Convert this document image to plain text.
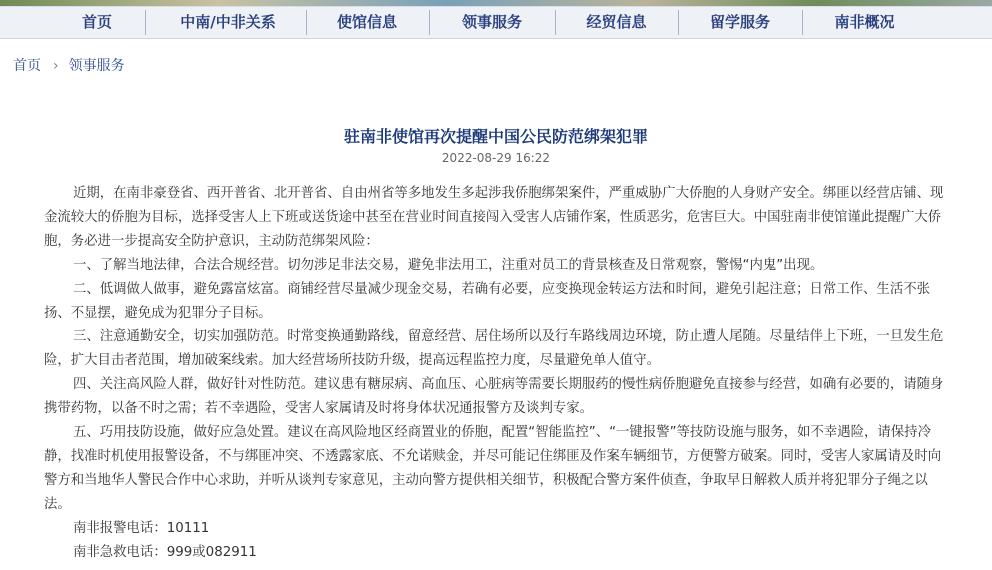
首页	中南/中非关系	使馆信息	领事服务	经贸信息	留学服务	南非概况
首页 › 领事服务
驻南非使馆再次提醒中国公民防范绑架犯罪
2022-08-29 16:22

近期，在南非豪登省、西开普省、北开普省、自由州省等多地发生多起涉我侨胞绑架案件，严重威胁广大侨胞的人身财产安全。绑匪以经营店铺、现金流较大的侨胞为目标，选择受害人上下班或送货途中甚至在营业时间直接闯入受害人店铺作案，性质恶劣，危害巨大。中国驻南非使馆谨此提醒广大侨胞，务必进一步提高安全防护意识，主动防范绑架风险：

一、了解当地法律，合法合规经营。切勿涉足非法交易，避免非法用工，注重对员工的背景核查及日常观察，警惕“内鬼”出现。

二、低调做人做事，避免露富炫富。商铺经营尽量减少现金交易，若确有必要，应变换现金转运方法和时间，避免引起注意；日常工作、生活不张扬、不显摆，避免成为犯罪分子目标。

三、注意通勤安全，切实加强防范。时常变换通勤路线，留意经营、居住场所以及行车路线周边环境，防止遭人尾随。尽量结伴上下班，一旦发生危险，扩大目击者范围，增加破案线索。加大经营场所技防升级，提高远程监控力度，尽量避免单人值守。

四、关注高风险人群，做好针对性防范。建议患有糖尿病、高血压、心脏病等需要长期服药的慢性病侨胞避免直接参与经营，如确有必要的，请随身携带药物，以备不时之需；若不幸遇险，受害人家属请及时将身体状况通报警方及谈判专家。

五、巧用技防设施，做好应急处置。建议在高风险地区经商置业的侨胞，配置“智能监控”、“一键报警”等技防设施与服务，如不幸遇险，请保持冷静，找准时机使用报警设备，不与绑匪冲突、不透露家底、不允诺赎金，并尽可能记住绑匪及作案车辆细节，方便警方破案。同时，受害人家属请及时向警方和当地华人警民合作中心求助，并听从谈判专家意见，主动向警方提供相关细节，积极配合警方案件侦查，争取早日解救人质并将犯罪分子绳之以法。

南非报警电话：10111

南非急救电话：999或082911
